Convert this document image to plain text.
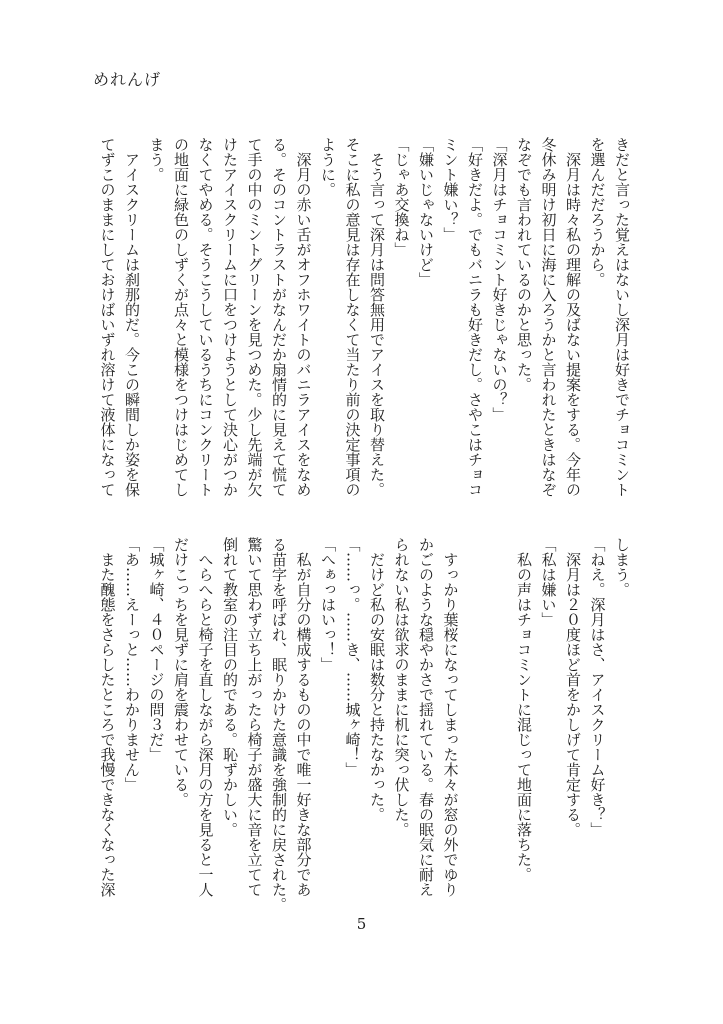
めれんげ
きだと言った覚えはないし深月は好きでチョコミント
を選んだだろうから。
　深月は時々私の理解の及ばない提案をする。今年の
冬休み明け初日に海に入ろうかと言われたときはなぞ
なぞでも言われているのかと思った。
「深月はチョコミント好きじゃないの？」
「好きだよ。でもバニラも好きだし。さやこはチョコ
ミント嫌い？」
「嫌いじゃないけど」
「じゃあ交換ね」
　そう言って深月は問答無用でアイスを取り替えた。
そこに私の意見は存在しなくて当たり前の決定事項の
ように。
　深月の赤い舌がオフホワイトのバニラアイスをなめ
る。そのコントラストがなんだか扇情的に見えて慌て
て手の中のミントグリーンを見つめた。少し先端が欠
けたアイスクリームに口をつけようとして決心がつか
なくてやめる。そうこうしているうちにコンクリート
の地面に緑色のしずくが点々と模様をつけはじめてし
まう。
　アイスクリームは刹那的だ。今この瞬間しか姿を保
てずこのままにしておけばいずれ溶けて液体になって
しまう。
「ねえ。深月はさ、アイスクリーム好き？」
　深月は２０度ほど首をかしげて肯定する。
「私は嫌い」
　私の声はチョコミントに混じって地面に落ちた。
　すっかり葉桜になってしまった木々が窓の外でゆり
かごのような穏やかさで揺れている。春の眠気に耐え
られない私は欲求のままに机に突っ伏した。
　だけど私の安眠は数分と持たなかった。
「……っ。……き、……城ヶ崎！」
「へぁっはいっ！」
　私が自分の構成するものの中で唯一好きな部分であ
る苗字を呼ばれ、眠りかけた意識を強制的に戻された。
驚いて思わず立ち上がったら椅子が盛大に音を立てて
倒れて教室の注目の的である。恥ずかしい。
　へらへらと椅子を直しながら深月の方を見ると一人
だけこっちを見ずに肩を震わせている。
「城ヶ崎、４０ページの問３だ」
「あ……えーっと……わかりません」
　また醜態をさらしたところで我慢できなくなった深
5
